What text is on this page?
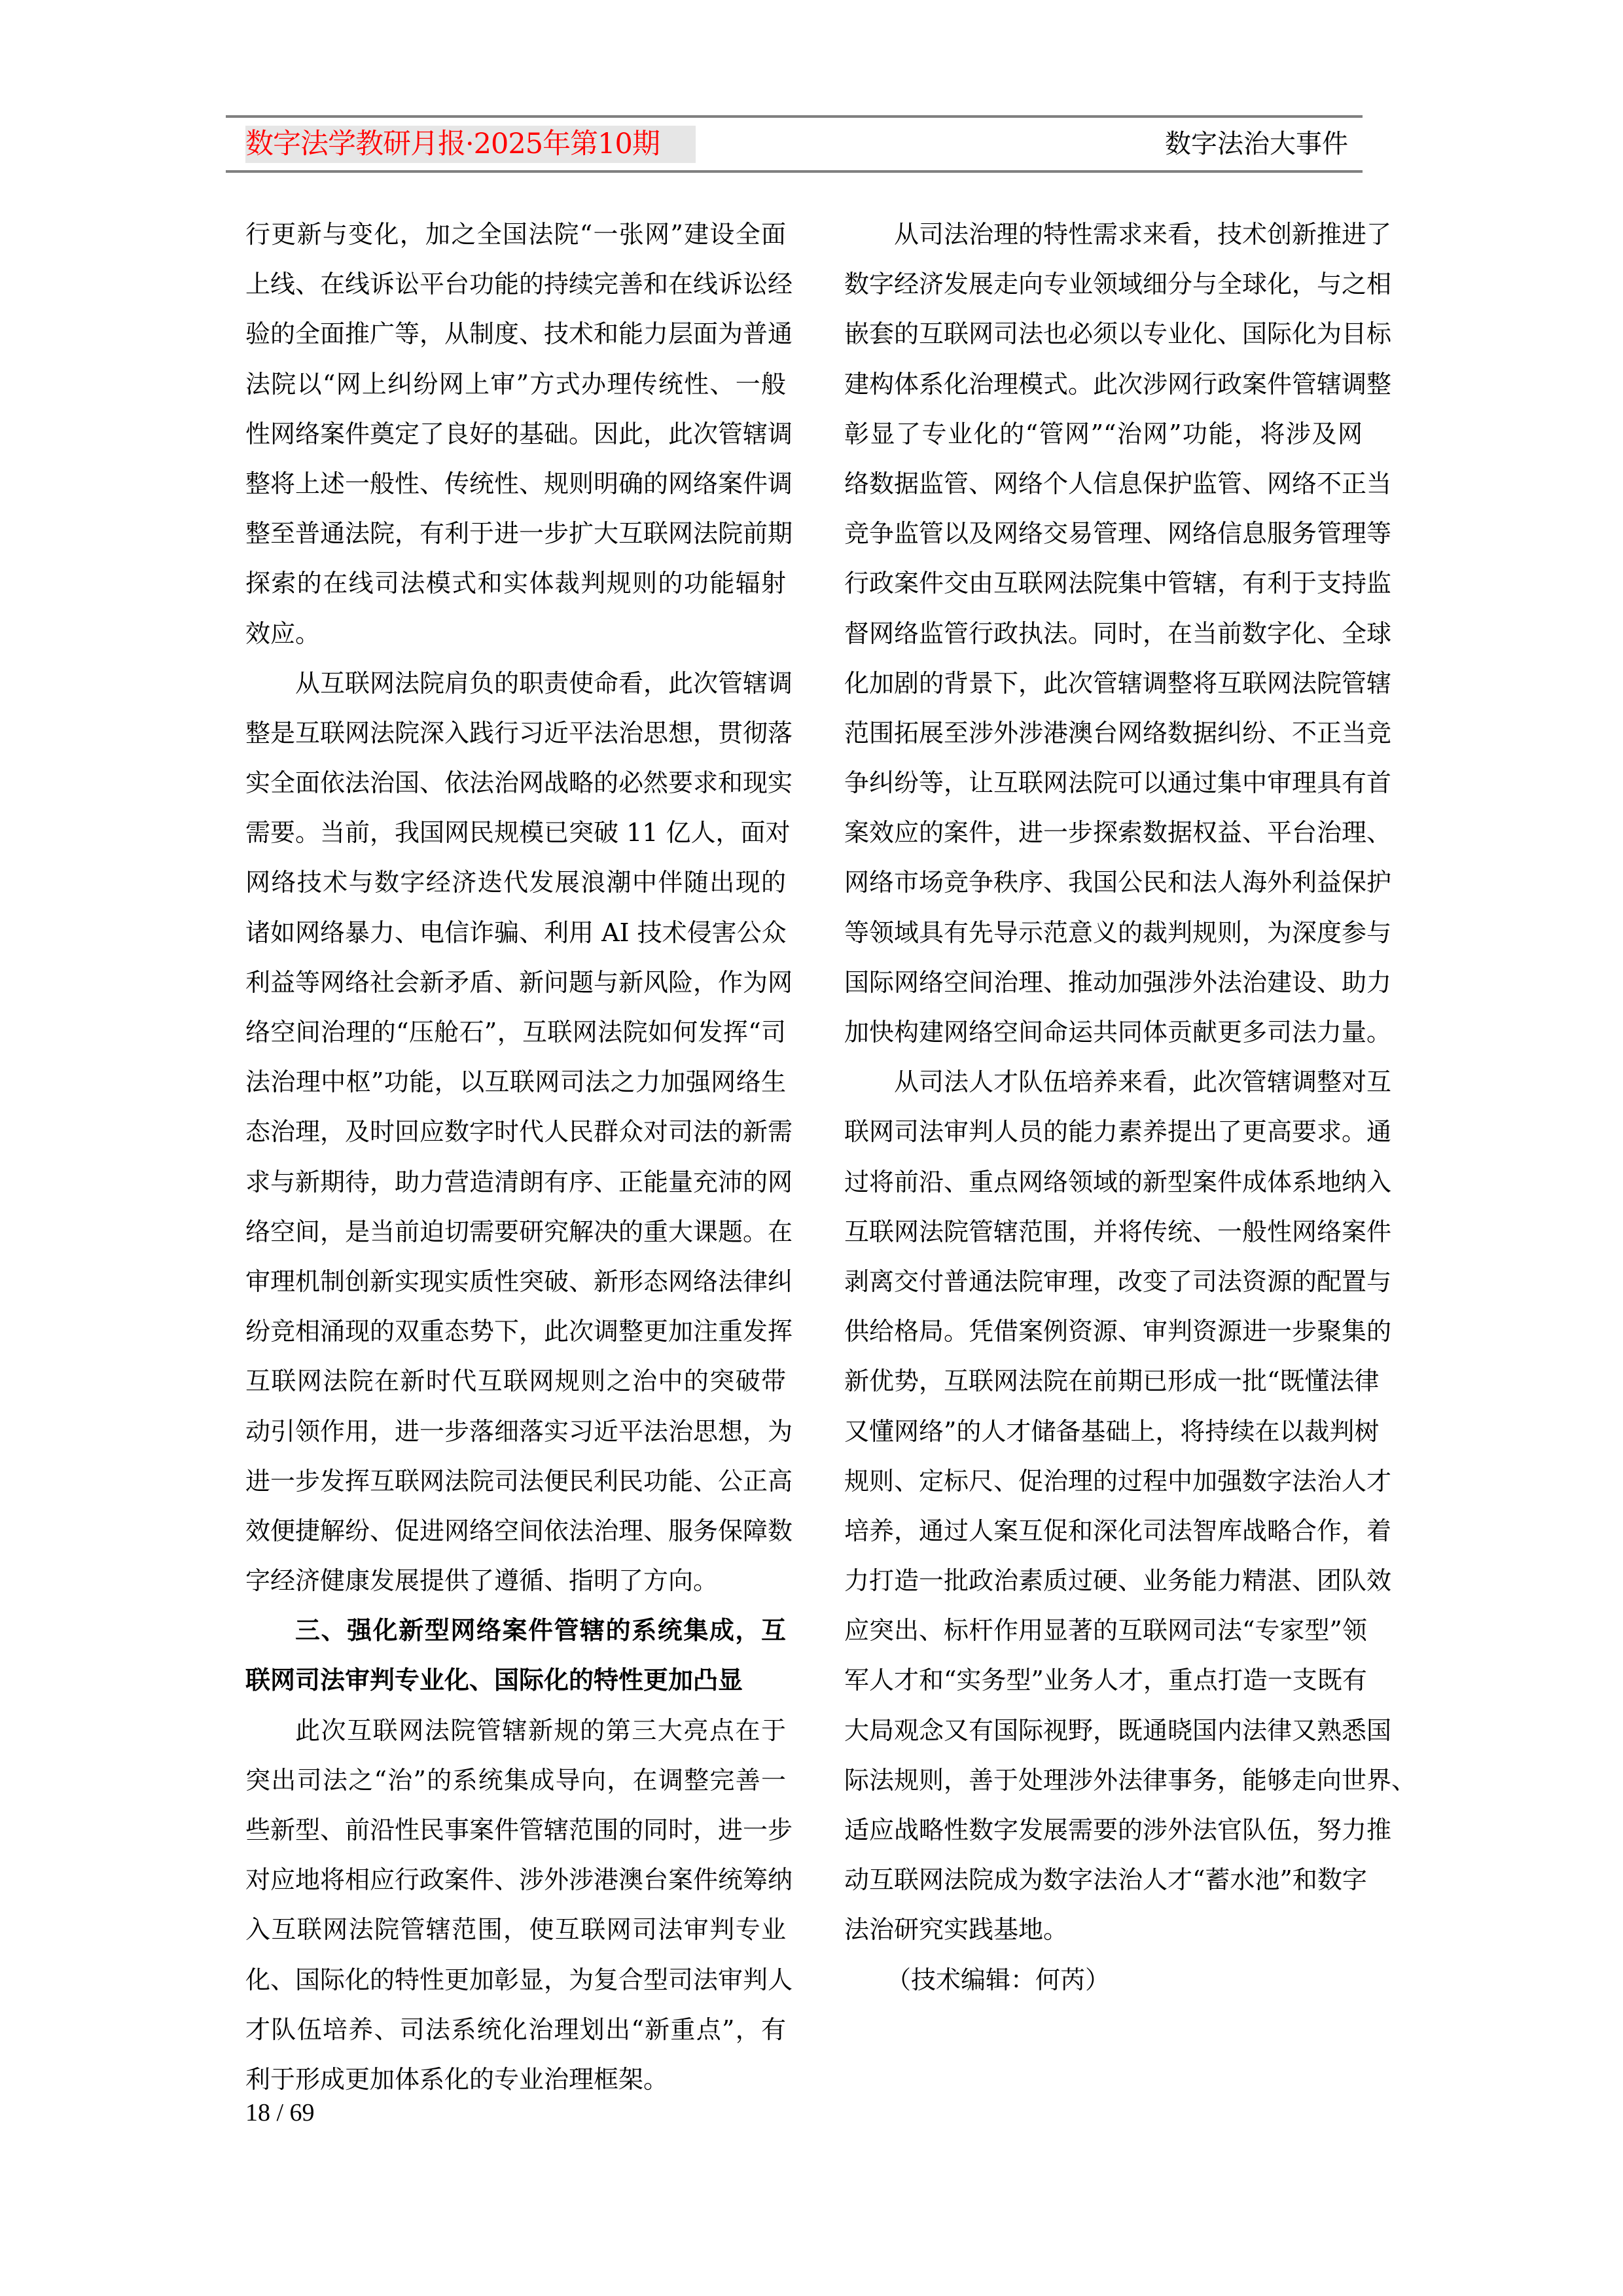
数字法学教研月报·2025年第10期	数字法治大事件
行更新与变化，加之全国法院“一张网”建设全面
上线、在线诉讼平台功能的持续完善和在线诉讼经
验的全面推广等，从制度、技术和能力层面为普通
法院以“网上纠纷网上审”方式办理传统性、一般
性网络案件奠定了良好的基础。因此，此次管辖调
整将上述一般性、传统性、规则明确的网络案件调
整至普通法院，有利于进一步扩大互联网法院前期
探索的在线司法模式和实体裁判规则的功能辐射
效应。
从互联网法院肩负的职责使命看，此次管辖调
整是互联网法院深入践行习近平法治思想，贯彻落
实全面依法治国、依法治网战略的必然要求和现实
需要。当前，我国网民规模已突破 11 亿人，面对
网络技术与数字经济迭代发展浪潮中伴随出现的
诸如网络暴力、电信诈骗、利用 AI 技术侵害公众
利益等网络社会新矛盾、新问题与新风险，作为网
络空间治理的“压舱石”，互联网法院如何发挥“司
法治理中枢”功能，以互联网司法之力加强网络生
态治理，及时回应数字时代人民群众对司法的新需
求与新期待，助力营造清朗有序、正能量充沛的网
络空间，是当前迫切需要研究解决的重大课题。在
审理机制创新实现实质性突破、新形态网络法律纠
纷竞相涌现的双重态势下，此次调整更加注重发挥
互联网法院在新时代互联网规则之治中的突破带
动引领作用，进一步落细落实习近平法治思想，为
进一步发挥互联网法院司法便民利民功能、公正高
效便捷解纷、促进网络空间依法治理、服务保障数
字经济健康发展提供了遵循、指明了方向。
三、强化新型网络案件管辖的系统集成，互
联网司法审判专业化、国际化的特性更加凸显
此次互联网法院管辖新规的第三大亮点在于
突出司法之“治”的系统集成导向，在调整完善一
些新型、前沿性民事案件管辖范围的同时，进一步
对应地将相应行政案件、涉外涉港澳台案件统筹纳
入互联网法院管辖范围，使互联网司法审判专业
化、国际化的特性更加彰显，为复合型司法审判人
才队伍培养、司法系统化治理划出“新重点”，有
利于形成更加体系化的专业治理框架。
从司法治理的特性需求来看，技术创新推进了
数字经济发展走向专业领域细分与全球化，与之相
嵌套的互联网司法也必须以专业化、国际化为目标
建构体系化治理模式。此次涉网行政案件管辖调整
彰显了专业化的“管网”“治网”功能，将涉及网
络数据监管、网络个人信息保护监管、网络不正当
竞争监管以及网络交易管理、网络信息服务管理等
行政案件交由互联网法院集中管辖，有利于支持监
督网络监管行政执法。同时，在当前数字化、全球
化加剧的背景下，此次管辖调整将互联网法院管辖
范围拓展至涉外涉港澳台网络数据纠纷、不正当竞
争纠纷等，让互联网法院可以通过集中审理具有首
案效应的案件，进一步探索数据权益、平台治理、
网络市场竞争秩序、我国公民和法人海外利益保护
等领域具有先导示范意义的裁判规则，为深度参与
国际网络空间治理、推动加强涉外法治建设、助力
加快构建网络空间命运共同体贡献更多司法力量。
从司法人才队伍培养来看，此次管辖调整对互
联网司法审判人员的能力素养提出了更高要求。通
过将前沿、重点网络领域的新型案件成体系地纳入
互联网法院管辖范围，并将传统、一般性网络案件
剥离交付普通法院审理，改变了司法资源的配置与
供给格局。凭借案例资源、审判资源进一步聚集的
新优势，互联网法院在前期已形成一批“既懂法律
又懂网络”的人才储备基础上，将持续在以裁判树
规则、定标尺、促治理的过程中加强数字法治人才
培养，通过人案互促和深化司法智库战略合作，着
力打造一批政治素质过硬、业务能力精湛、团队效
应突出、标杆作用显著的互联网司法“专家型”领
军人才和“实务型”业务人才，重点打造一支既有
大局观念又有国际视野，既通晓国内法律又熟悉国
际法规则，善于处理涉外法律事务，能够走向世界、
适应战略性数字发展需要的涉外法官队伍，努力推
动互联网法院成为数字法治人才“蓄水池”和数字
法治研究实践基地。
（技术编辑：何芮）
18 / 69
